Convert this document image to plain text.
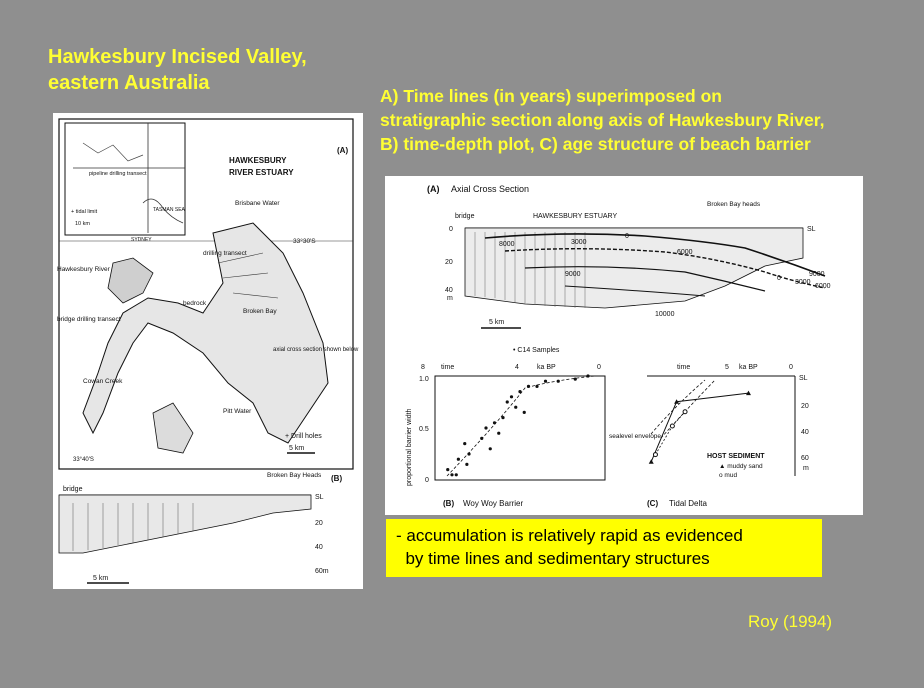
Hawkesbury Incised Valley,
eastern Australia
A) Time lines (in years) superimposed on
stratigraphic section along axis of Hawkesbury River,
B) time-depth plot, C) age structure of beach barrier
pipeline drilling transect
+ tidal limit
10 km
TASMAN SEA
SYDNEY
(A)
HAWKESBURY
RIVER ESTUARY
Brisbane Water
33°30'S
drilling transect
Hawkesbury River
bedrock
Broken Bay
bridge drilling transect
axial cross section shown below
Cowan Creek
Pitt Water
+ Drill holes
5 km
33°40'S
(B)
Broken Bay Heads
bridge
SL
20
40
60m
5 km
(A) Axial Cross Section
bridge	HAWKESBURY ESTUARY
Broken Bay heads
SL
0
20
40
m
8000	3000
0
6000
9000	9000
3000
6000
0
10000
5 km
• C14 Samples
8 time	4	ka BP	0
1.0
0.5
0
proportional barrier width
(B) Woy Woy Barrier
time	5 ka BP	0
SL
20
40
60
m
sealevel envelope
HOST SEDIMENT
▲ muddy sand
o mud
(C) Tidal Delta
- accumulation is relatively rapid as evidenced
by time lines and sedimentary structures
Roy (1994)
